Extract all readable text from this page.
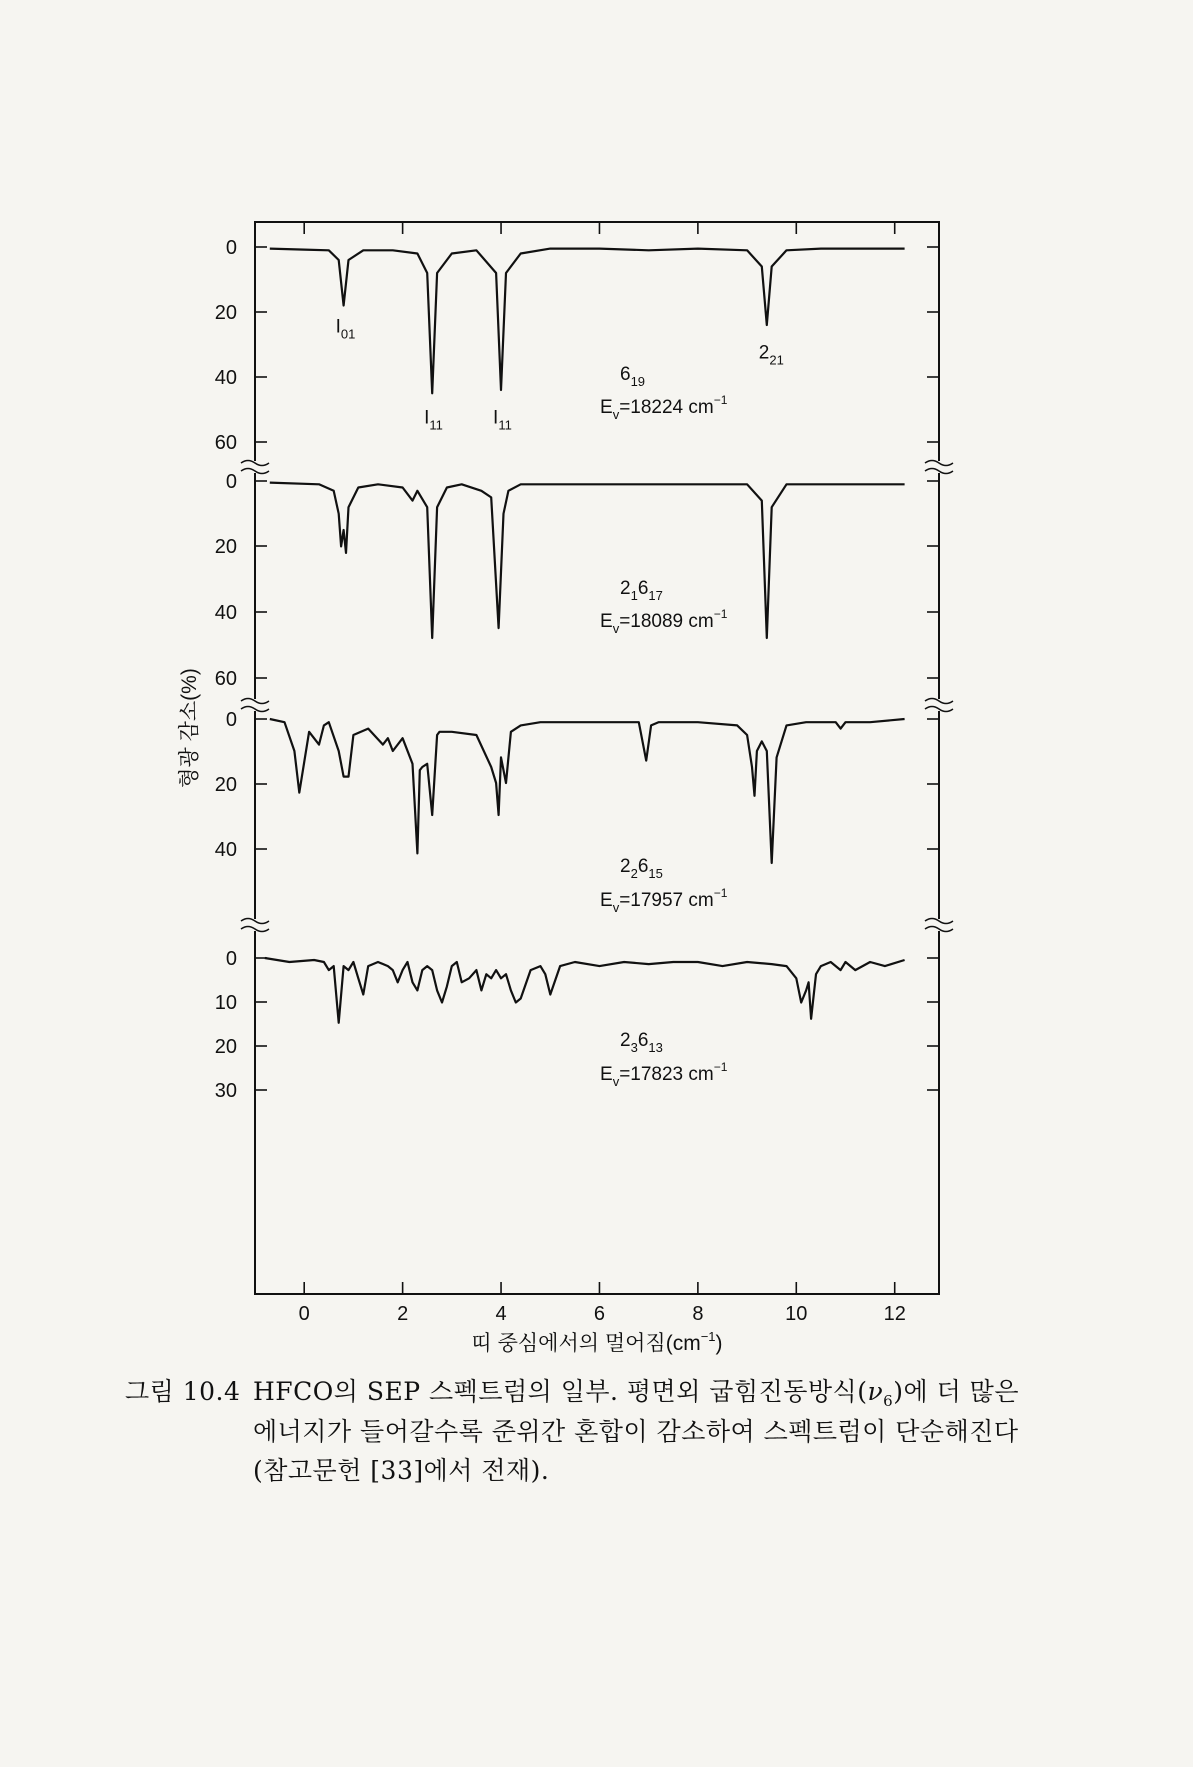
0
20
40
60
$6_{19}$
$E_v=18224$ $cm^{-1}$
$I_{01}$
$I_{11}$	$I_{11}$
$2_{21}$
0
20
40
60
$2_16_{17}$
$E_v=18089$ $cm^{-1}$
0
20
40
$2_26_{15}$
$E_v=17957$ $cm^{-1}$
0
10
20
30
$2_36_{13}$
$E_v=17823$ $cm^{-1}$
0	2	4	6	8	10	12
형광 감소(%)
띠 중심에서의 멀어짐$(cm^{-1})$
그림 10.4 HFCO의 SEP 스펙트럼의 일부. 평면외 굽힘진동방식$(\nu_6)$에 더 많은
에너지가 들어갈수록 준위간 혼합이 감소하여 스펙트럼이 단순해진다
(참고문헌 [33]에서 전재).
